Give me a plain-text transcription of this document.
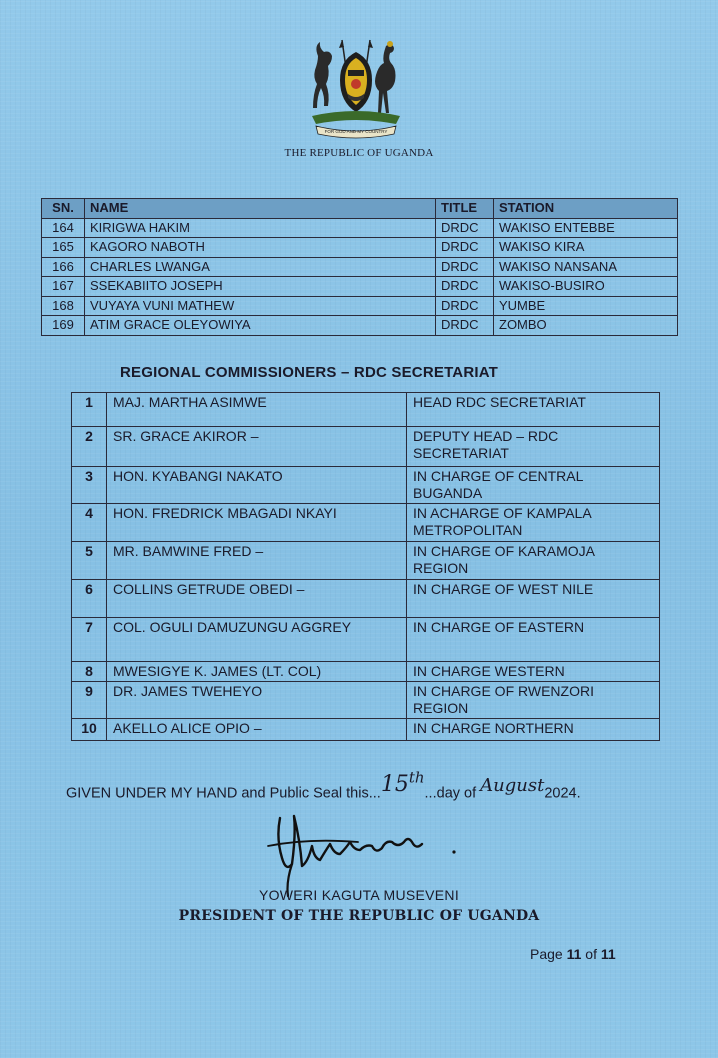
FOR GOD AND MY COUNTRY
THE REPUBLIC OF UGANDA
SN.	NAME	TITLE	STATION
164	KIRIGWA HAKIM	DRDC	WAKISO ENTEBBE
165	KAGORO NABOTH	DRDC	WAKISO KIRA
166	CHARLES LWANGA	DRDC	WAKISO NANSANA
167	SSEKABIITO JOSEPH	DRDC	WAKISO-BUSIRO
168	VUYAYA VUNI MATHEW	DRDC	YUMBE
169	ATIM GRACE OLEYOWIYA	DRDC	ZOMBO
REGIONAL COMMISSIONERS – RDC SECRETARIAT
1	MAJ. MARTHA ASIMWE	HEAD RDC SECRETARIAT
2	SR. GRACE AKIROR –	DEPUTY HEAD – RDC SECRETARIAT
3	HON. KYABANGI NAKATO	IN CHARGE OF CENTRAL BUGANDA
4	HON. FREDRICK MBAGADI NKAYI	IN ACHARGE OF KAMPALA METROPOLITAN
5	MR. BAMWINE FRED –	IN CHARGE OF KARAMOJA REGION
6	COLLINS GETRUDE OBEDI –	IN CHARGE OF WEST NILE
7	COL. OGULI DAMUZUNGU AGGREY	IN CHARGE OF EASTERN
8	MWESIGYE K. JAMES (LT. COL)	IN CHARGE WESTERN
9	DR. JAMES TWEHEYO	IN CHARGE OF RWENZORI REGION
10	AKELLO ALICE OPIO –	IN CHARGE NORTHERN
GIVEN UNDER MY HAND and Public Seal this...15th...day of August2024.
YOWERI KAGUTA MUSEVENI
PRESIDENT OF THE REPUBLIC OF UGANDA
Page 11 of 11
